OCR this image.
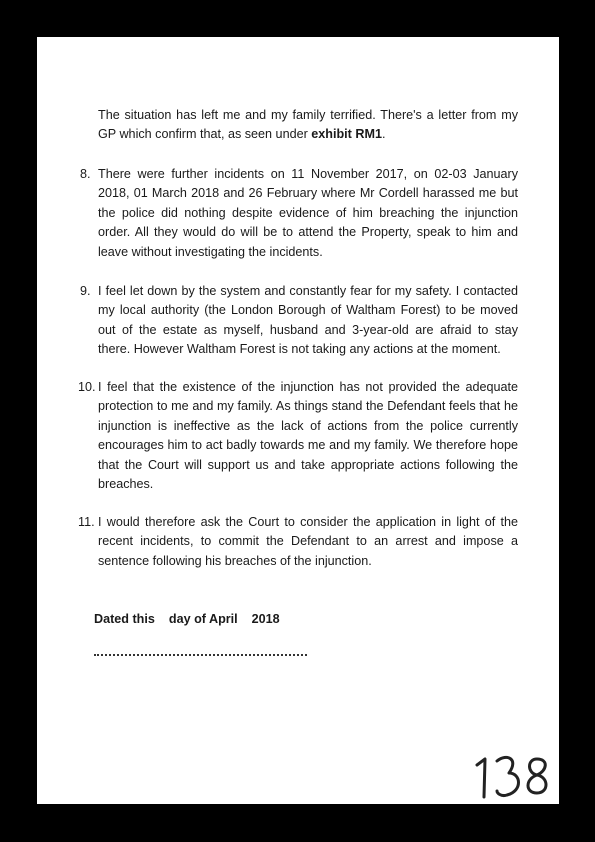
The situation has left me and my family terrified. There's a letter from my GP which confirm that, as seen under exhibit RM1.
8. There were further incidents on 11 November 2017, on 02-03 January 2018, 01 March 2018 and 26 February where Mr Cordell harassed me but the police did nothing despite evidence of him breaching the injunction order. All they would do will be to attend the Property, speak to him and leave without investigating the incidents.
9. I feel let down by the system and constantly fear for my safety. I contacted my local authority (the London Borough of Waltham Forest) to be moved out of the estate as myself, husband and 3-year-old are afraid to stay there. However Waltham Forest is not taking any actions at the moment.
10. I feel that the existence of the injunction has not provided the adequate protection to me and my family. As things stand the Defendant feels that he injunction is ineffective as the lack of actions from the police currently encourages him to act badly towards me and my family. We therefore hope that the Court will support us and take appropriate actions following the breaches.
11. I would therefore ask the Court to consider the application in light of the recent incidents, to commit the Defendant to an arrest and impose a sentence following his breaches of the injunction.
Dated this    day of April    2018
